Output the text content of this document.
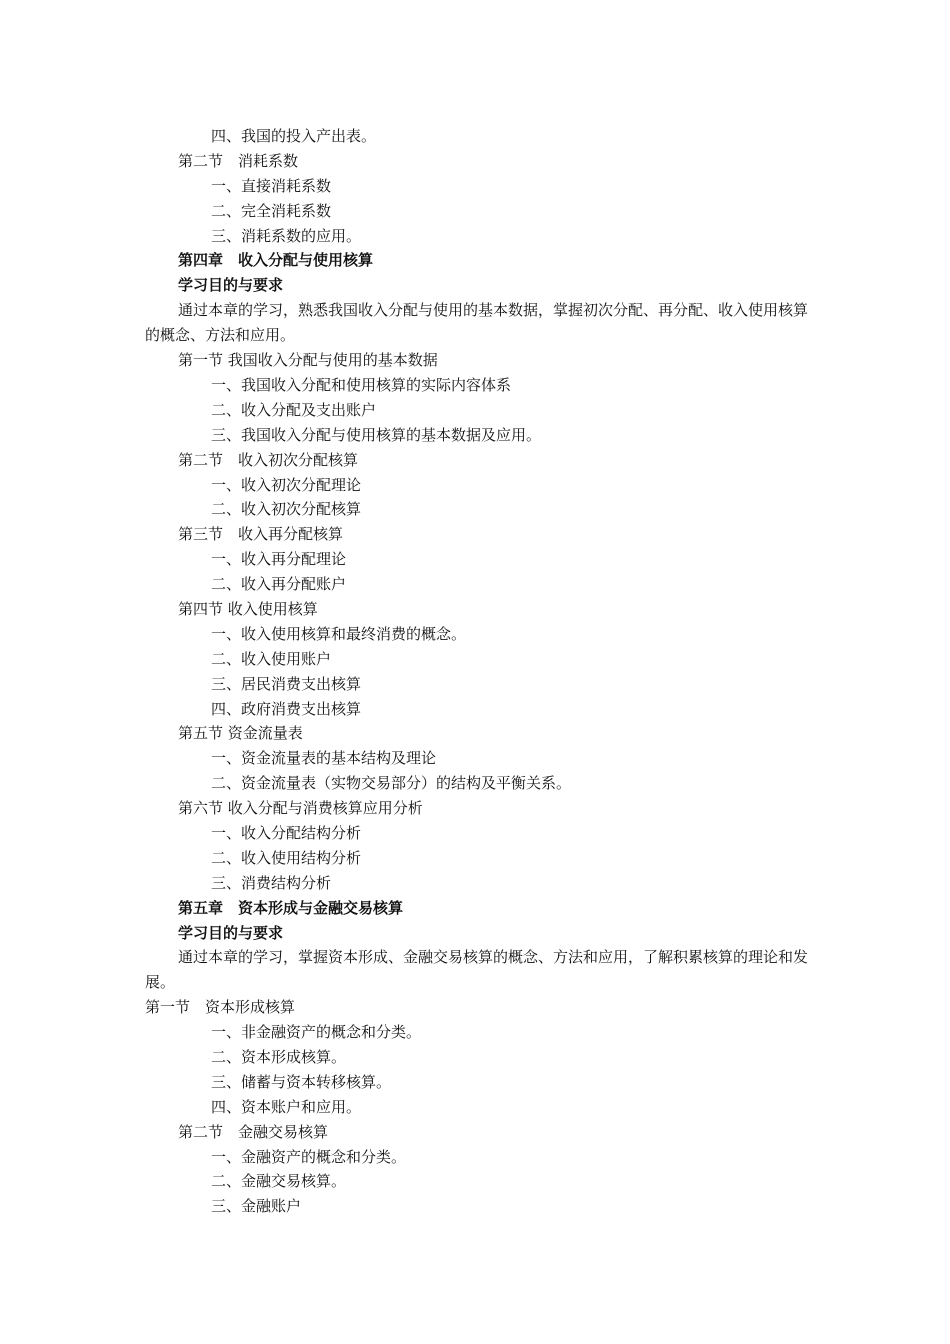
四、我国的投入产出表。
第二节　消耗系数
一、直接消耗系数
二、完全消耗系数
三、消耗系数的应用。
第四章　收入分配与使用核算
学习目的与要求
通过本章的学习，熟悉我国收入分配与使用的基本数据，掌握初次分配、再分配、收入使用核算的概念、方法和应用。
第一节 我国收入分配与使用的基本数据
一、我国收入分配和使用核算的实际内容体系
二、收入分配及支出账户
三、我国收入分配与使用核算的基本数据及应用。
第二节　收入初次分配核算
一、收入初次分配理论
二、收入初次分配核算
第三节　收入再分配核算
一、收入再分配理论
二、收入再分配账户
第四节 收入使用核算
一、收入使用核算和最终消费的概念。
二、收入使用账户
三、居民消费支出核算
四、政府消费支出核算
第五节 资金流量表
一、资金流量表的基本结构及理论
二、资金流量表（实物交易部分）的结构及平衡关系。
第六节 收入分配与消费核算应用分析
一、收入分配结构分析
二、收入使用结构分析
三、消费结构分析
第五章　资本形成与金融交易核算
学习目的与要求
通过本章的学习，掌握资本形成、金融交易核算的概念、方法和应用，了解积累核算的理论和发展。
第一节　资本形成核算
一、非金融资产的概念和分类。
二、资本形成核算。
三、储蓄与资本转移核算。
四、资本账户和应用。
第二节　金融交易核算
一、金融资产的概念和分类。
二、金融交易核算。
三、金融账户
